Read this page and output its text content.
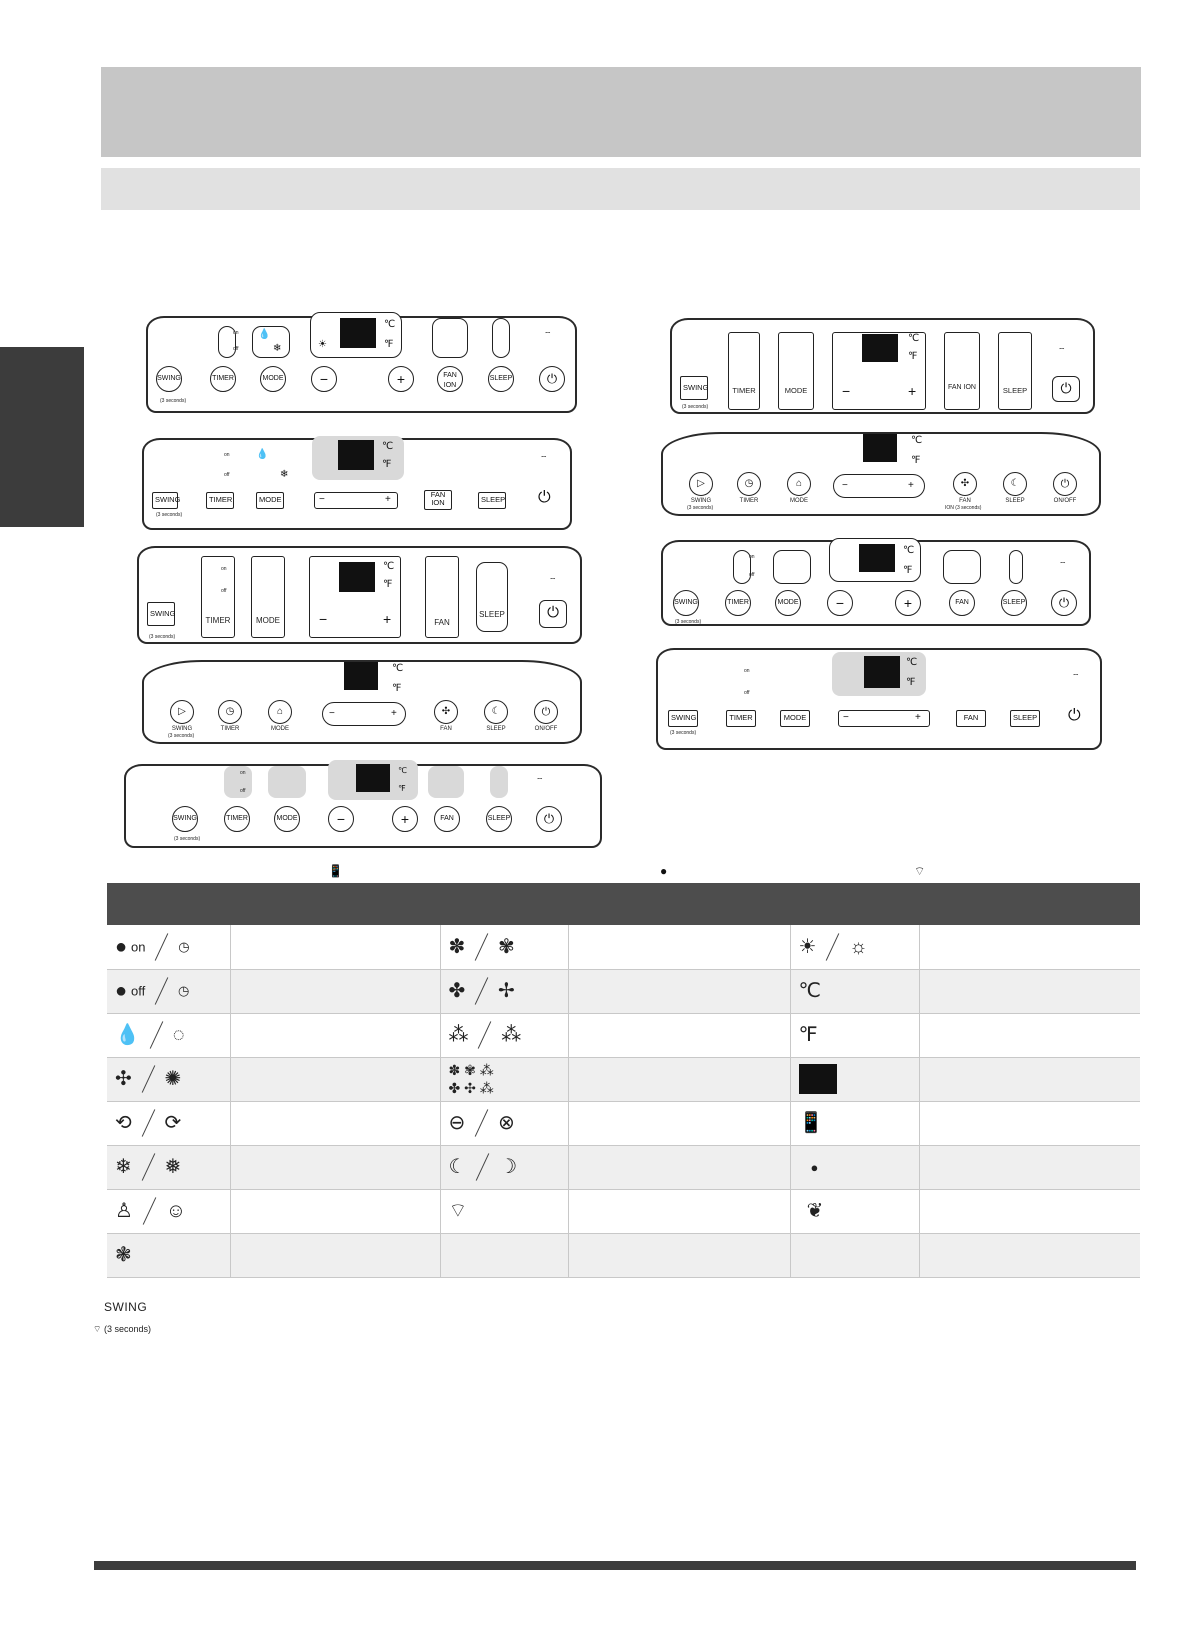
on
off
💧
❄
℃
℉
☀
⌔
SWING
(3 seconds)
TIMER	MODE	−	+	FAN ION
SLEEP	⏻
on
off
💧
❄
℃
℉
⌔
SWING
(3 seconds)
TIMER	MODE	−	+	FAN ION	SLEEP ⏻
on
off
TIMER	MODE
℃
℉
−	+	FAN
SLEEP
⌔
SWING
(3 seconds)
⏻
℃
℉
−	+
▷
SWING
(3 seconds)
◷
TIMER
⌂
MODE
✣
FAN
☾
SLEEP
⏻
ON/OFF
on
off
℃
℉
⌔
SWING
(3 seconds)
TIMER	MODE	−	+	FAN	SLEEP	⏻
TIMER	MODE
℃
℉
−	+	FAN ION	SLEEP
⌔
SWING
(3 seconds)
⏻
℃
℉
−	+
▷
SWING
(3 seconds)
◷
TIMER
⌂
MODE
✣
FAN
ION (3 seconds)
☾
SLEEP
⏻
ON/OFF
on
off
℃
℉
⌔
SWING
(3 seconds)
TIMER	MODE	−	+	FAN	SLEEP	⏻
on
off
℃
℉
⌔
SWING
(3 seconds)
TIMER	MODE	−	+	FAN	SLEEP ⏻
📱	●	⌔

● on ◷		✽ ✾		☀ ☼	
● off ◷		✤ ✢		℃	
💧 ◌		⁂ ⁂		℉	
✣ ✺		✽ ✾ ⁂
✤ ✣ ⁂			
⟲ ⟳		⊖ ⊗		📱	
❄ ❅		☾ ☽		●	
♙ ☺		⌔		❦	
❃					
SWING
⌔ (3 seconds)
